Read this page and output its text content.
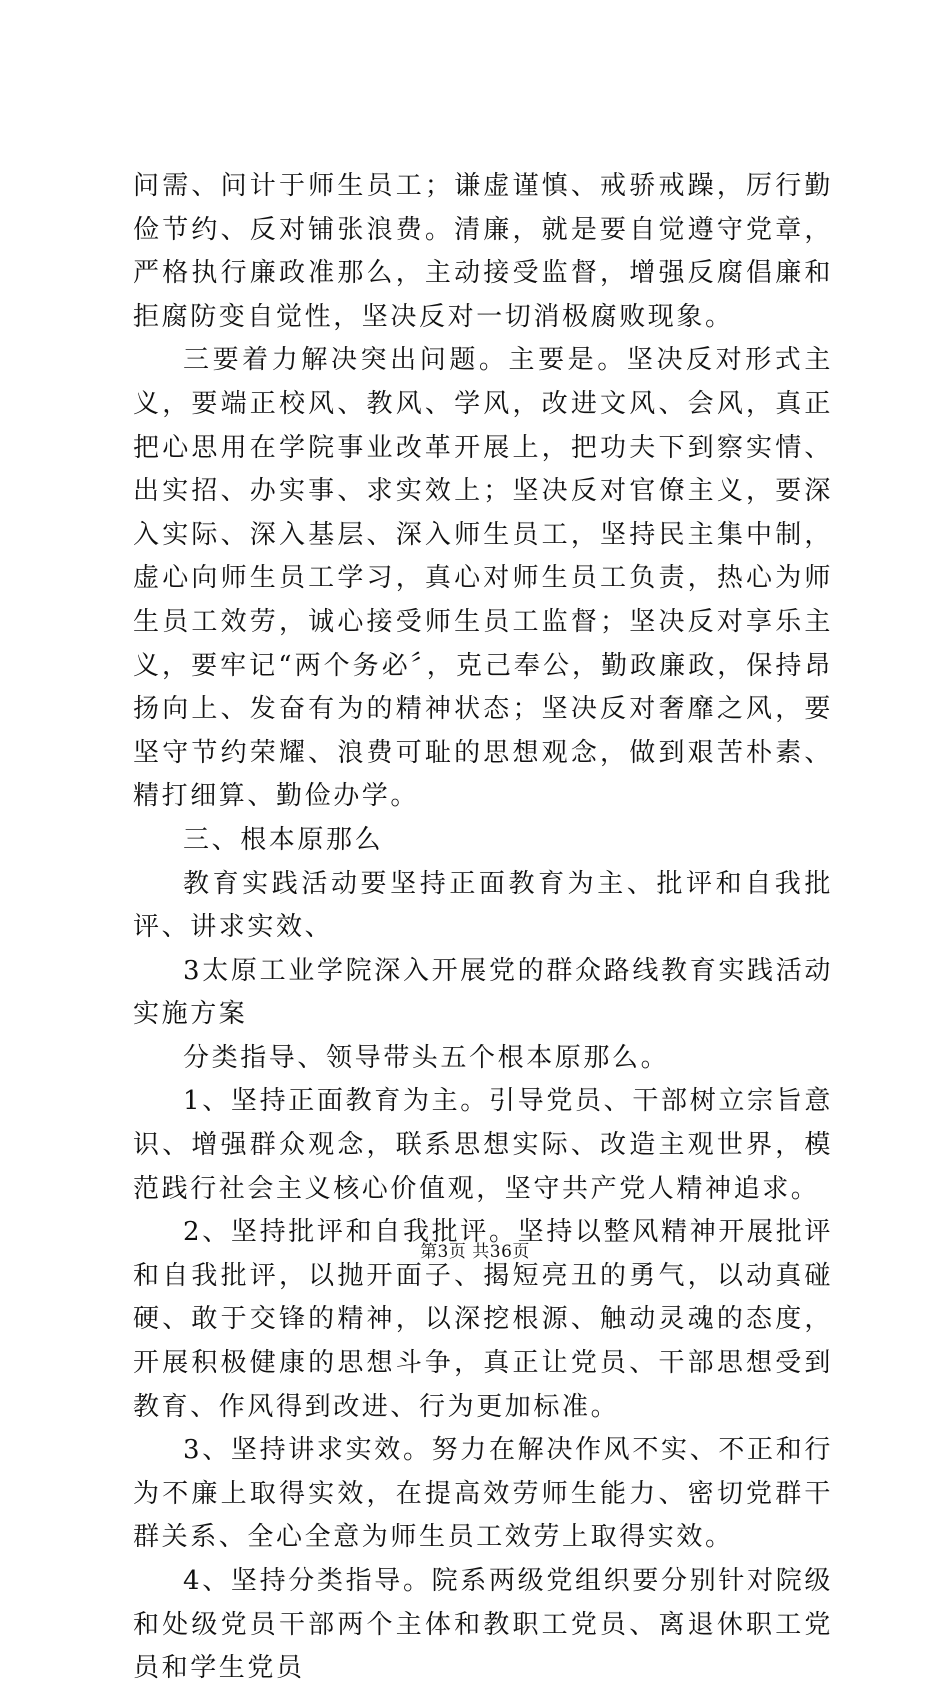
问需、问计于师生员工；谦虚谨慎、戒骄戒躁，厉行勤俭节约、反对铺张浪费。清廉，就是要自觉遵守党章，严格执行廉政准那么，主动接受监督，增强反腐倡廉和拒腐防变自觉性，坚决反对一切消极腐败现象。

三要着力解决突出问题。主要是。坚决反对形式主义，要端正校风、教风、学风，改进文风、会风，真正把心思用在学院事业改革开展上，把功夫下到察实情、出实招、办实事、求实效上；坚决反对官僚主义，要深入实际、深入基层、深入师生员工，坚持民主集中制，虚心向师生员工学习，真心对师生员工负责，热心为师生员工效劳，诚心接受师生员工监督；坚决反对享乐主义，要牢记“两个务必〞，克己奉公，勤政廉政，保持昂扬向上、发奋有为的精神状态；坚决反对奢靡之风，要坚守节约荣耀、浪费可耻的思想观念，做到艰苦朴素、精打细算、勤俭办学。

三、根本原那么

教育实践活动要坚持正面教育为主、批评和自我批评、讲求实效、

3太原工业学院深入开展党的群众路线教育实践活动实施方案

分类指导、领导带头五个根本原那么。

1、坚持正面教育为主。引导党员、干部树立宗旨意识、增强群众观念，联系思想实际、改造主观世界，模范践行社会主义核心价值观，坚守共产党人精神追求。

2、坚持批评和自我批评。坚持以整风精神开展批评和自我批评，以抛开面子、揭短亮丑的勇气，以动真碰硬、敢于交锋的精神，以深挖根源、触动灵魂的态度，开展积极健康的思想斗争，真正让党员、干部思想受到教育、作风得到改进、行为更加标准。

3、坚持讲求实效。努力在解决作风不实、不正和行为不廉上取得实效，在提高效劳师生能力、密切党群干群关系、全心全意为师生员工效劳上取得实效。

4、坚持分类指导。院系两级党组织要分别针对院级和处级党员干部两个主体和教职工党员、离退休职工党员和学生党员

第3页 共36页
